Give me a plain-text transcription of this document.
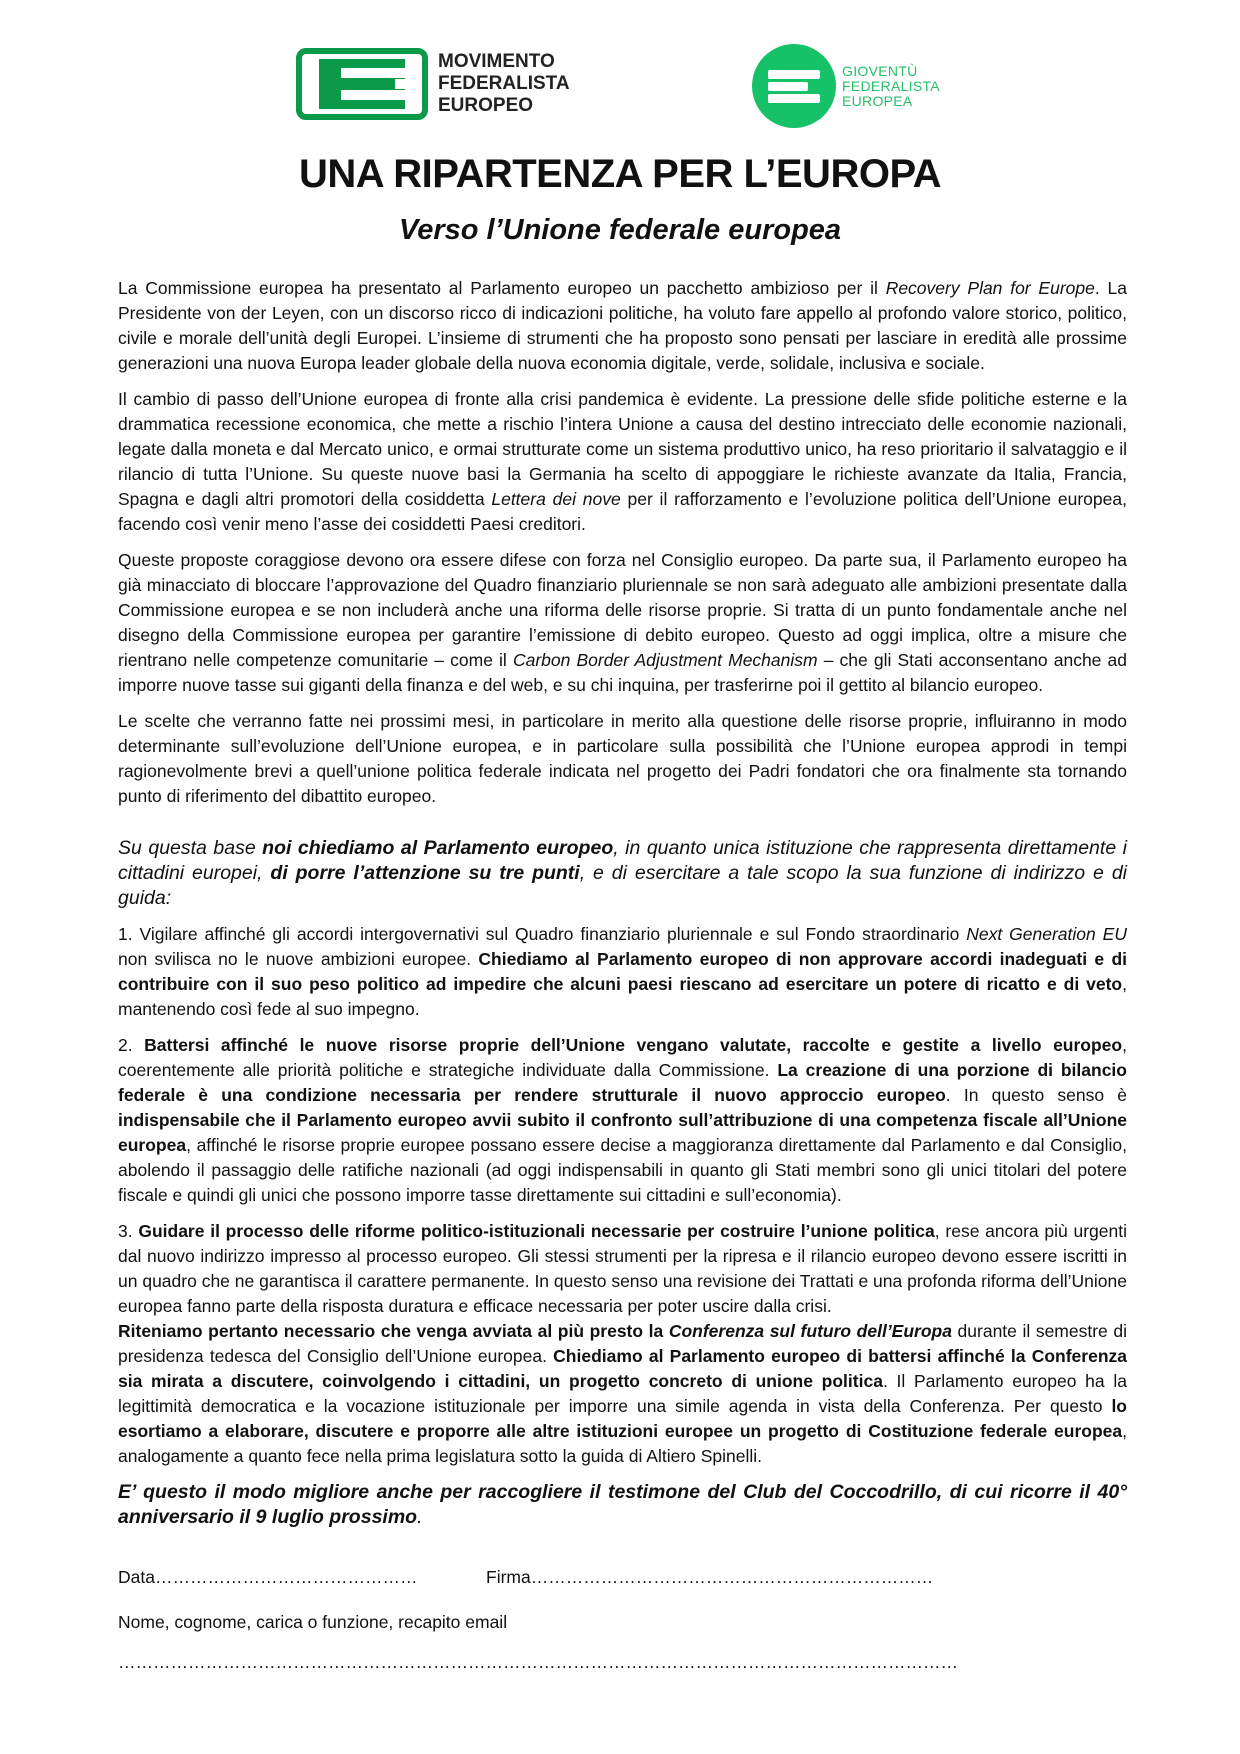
MOVIMENTO
FEDERALISTA
EUROPEO
GIOVENTÙ
FEDERALISTA
EUROPEA
UNA RIPARTENZA PER L’EUROPA
Verso l’Unione federale europea

La Commissione europea ha presentato al Parlamento europeo un pacchetto ambizioso per il Recovery Plan for Europe. La Presidente von der Leyen, con un discorso ricco di indicazioni politiche, ha voluto fare appello al profondo valore storico, politico, civile e morale dell’unità degli Europei. L’insieme di strumenti che ha proposto sono pensati per lasciare in eredità alle prossime generazioni una nuova Europa leader globale della nuova economia digitale, verde, solidale, inclusiva e sociale.

Il cambio di passo dell’Unione europea di fronte alla crisi pandemica è evidente. La pressione delle sfide politiche esterne e la drammatica recessione economica, che mette a rischio l’intera Unione a causa del destino intrecciato delle economie nazionali, legate dalla moneta e dal Mercato unico, e ormai strutturate come un sistema produttivo unico, ha reso prioritario il salvataggio e il rilancio di tutta l’Unione. Su queste nuove basi la Germania ha scelto di appoggiare le richieste avanzate da Italia, Francia, Spagna e dagli altri promotori della cosiddetta Lettera dei nove per il rafforzamento e l’evoluzione politica dell’Unione europea, facendo così venir meno l’asse dei cosiddetti Paesi creditori.

Queste proposte coraggiose devono ora essere difese con forza nel Consiglio europeo. Da parte sua, il Parlamento europeo ha già minacciato di bloccare l’approvazione del Quadro finanziario pluriennale se non sarà adeguato alle ambizioni presentate dalla Commissione europea e se non includerà anche una riforma delle risorse proprie. Si tratta di un punto fondamentale anche nel disegno della Commissione europea per garantire l’emissione di debito europeo. Questo ad oggi implica, oltre a misure che rientrano nelle competenze comunitarie – come il Carbon Border Adjustment Mechanism – che gli Stati acconsentano anche ad imporre nuove tasse sui giganti della finanza e del web, e su chi inquina, per trasferirne poi il gettito al bilancio europeo.

Le scelte che verranno fatte nei prossimi mesi, in particolare in merito alla questione delle risorse proprie, influiranno in modo determinante sull’evoluzione dell’Unione europea, e in particolare sulla possibilità che l’Unione europea approdi in tempi ragionevolmente brevi a quell’unione politica federale indicata nel progetto dei Padri fondatori che ora finalmente sta tornando punto di riferimento del dibattito europeo.

Su questa base noi chiediamo al Parlamento europeo, in quanto unica istituzione che rappresenta direttamente i cittadini europei, di porre l’attenzione su tre punti, e di esercitare a tale scopo la sua funzione di indirizzo e di guida:

1. Vigilare affinché gli accordi intergovernativi sul Quadro finanziario pluriennale e sul Fondo straordinario Next Generation EU non svilisca no le nuove ambizioni europee. Chiediamo al Parlamento europeo di non approvare accordi inadeguati e di contribuire con il suo peso politico ad impedire che alcuni paesi riescano ad esercitare un potere di ricatto e di veto, mantenendo così fede al suo impegno.

2. Battersi affinché le nuove risorse proprie dell’Unione vengano valutate, raccolte e gestite a livello europeo, coerentemente alle priorità politiche e strategiche individuate dalla Commissione. La creazione di una porzione di bilancio federale è una condizione necessaria per rendere strutturale il nuovo approccio europeo. In questo senso è indispensabile che il Parlamento europeo avvii subito il confronto sull’attribuzione di una competenza fiscale all’Unione europea, affinché le risorse proprie europee possano essere decise a maggioranza direttamente dal Parlamento e dal Consiglio, abolendo il passaggio delle ratifiche nazionali (ad oggi indispensabili in quanto gli Stati membri sono gli unici titolari del potere fiscale e quindi gli unici che possono imporre tasse direttamente sui cittadini e sull’economia).

3. Guidare il processo delle riforme politico-istituzionali necessarie per costruire l’unione politica, rese ancora più urgenti dal nuovo indirizzo impresso al processo europeo. Gli stessi strumenti per la ripresa e il rilancio europeo devono essere iscritti in un quadro che ne garantisca il carattere permanente. In questo senso una revisione dei Trattati e una profonda riforma dell’Unione europea fanno parte della risposta duratura e efficace necessaria per poter uscire dalla crisi.
Riteniamo pertanto necessario che venga avviata al più presto la Conferenza sul futuro dell’Europa durante il semestre di presidenza tedesca del Consiglio dell’Unione europea. Chiediamo al Parlamento europeo di battersi affinché la Conferenza sia mirata a discutere, coinvolgendo i cittadini, un progetto concreto di unione politica. Il Parlamento europeo ha la legittimità democratica e la vocazione istituzionale per imporre una simile agenda in vista della Conferenza. Per questo lo esortiamo a elaborare, discutere e proporre alle altre istituzioni europee un progetto di Costituzione federale europea, analogamente a quanto fece nella prima legislatura sotto la guida di Altiero Spinelli.

E’ questo il modo migliore anche per raccogliere il testimone del Club del Coccodrillo, di cui ricorre il 40° anniversario il 9 luglio prossimo.

Data………………………………………	Firma……………………………………………………………
Nome, cognome, carica o funzione, recapito email
………………………………………………………………………………………………………………………………
